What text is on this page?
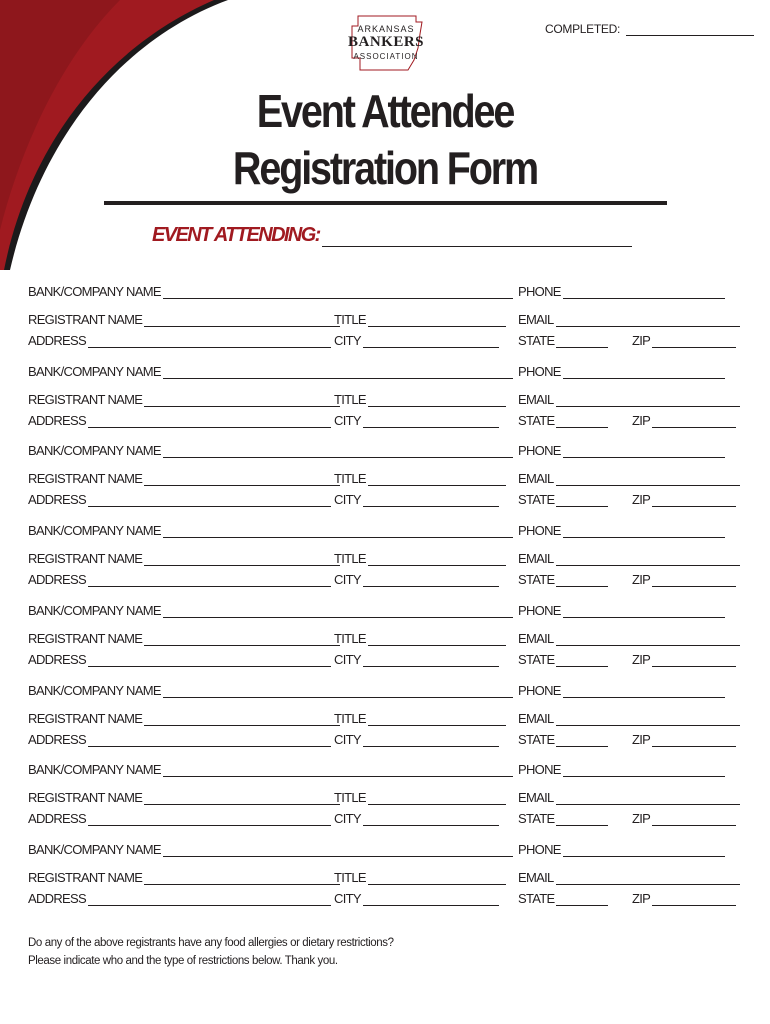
COMPLETED:
ARKANSAS
BANKERS
ASSOCIATION
Event Attendee
Registration Form
EVENT ATTENDING:
BANK/COMPANY NAME	PHONE
REGISTRANT NAME	TITLE	EMAIL
ADDRESS	CITY	STATE	ZIP
BANK/COMPANY NAME	PHONE
REGISTRANT NAME	TITLE	EMAIL
ADDRESS	CITY	STATE	ZIP
BANK/COMPANY NAME	PHONE
REGISTRANT NAME	TITLE	EMAIL
ADDRESS	CITY	STATE	ZIP
BANK/COMPANY NAME	PHONE
REGISTRANT NAME	TITLE	EMAIL
ADDRESS	CITY	STATE	ZIP
BANK/COMPANY NAME	PHONE
REGISTRANT NAME	TITLE	EMAIL
ADDRESS	CITY	STATE	ZIP
BANK/COMPANY NAME	PHONE
REGISTRANT NAME	TITLE	EMAIL
ADDRESS	CITY	STATE	ZIP
BANK/COMPANY NAME	PHONE
REGISTRANT NAME	TITLE	EMAIL
ADDRESS	CITY	STATE	ZIP
BANK/COMPANY NAME	PHONE
REGISTRANT NAME	TITLE	EMAIL
ADDRESS	CITY	STATE	ZIP
Do any of the above registrants have any food allergies or dietary restrictions?
Please indicate who and the type of restrictions below. Thank you.
